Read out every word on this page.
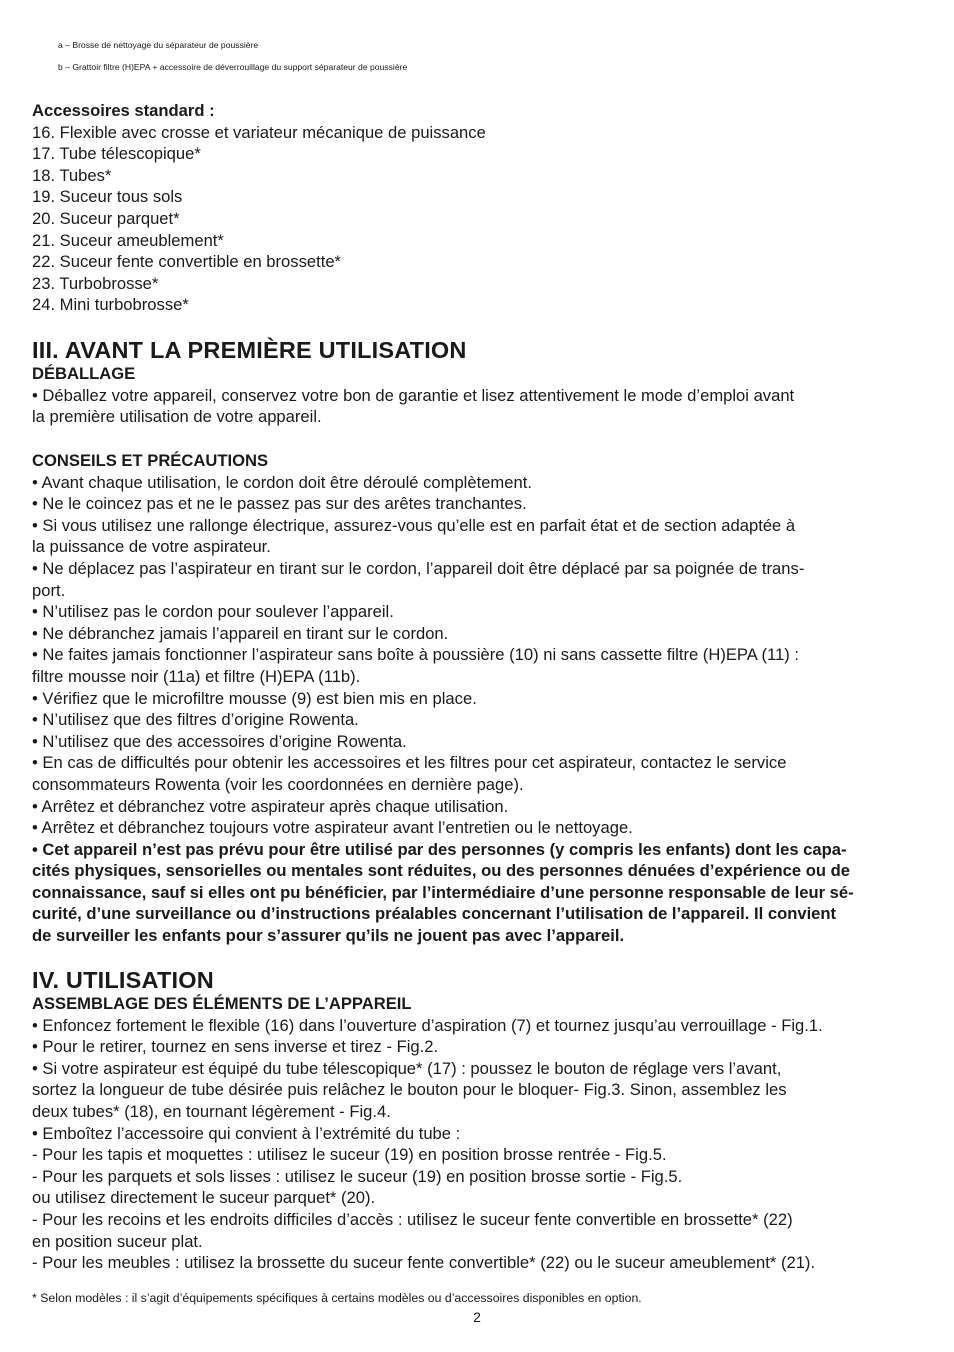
a – Brosse de nettoyage du séparateur de poussière

b – Grattoir filtre (H)EPA + accessoire de déverrouillage du support séparateur de poussière

Accessoires standard :

16. Flexible avec crosse et variateur mécanique de puissance

17. Tube télescopique*

18. Tubes*

19. Suceur tous sols

20. Suceur parquet*

21. Suceur ameublement*

22. Suceur fente convertible en brossette*

23. Turbobrosse*

24. Mini turbobrosse*

III. AVANT LA PREMIÈRE UTILISATION

DÉBALLAGE

• Déballez votre appareil, conservez votre bon de garantie et lisez attentivement le mode d’emploi avant

la première utilisation de votre appareil.

CONSEILS ET PRÉCAUTIONS

• Avant chaque utilisation, le cordon doit être déroulé complètement.

• Ne le coincez pas et ne le passez pas sur des arêtes tranchantes.

• Si vous utilisez une rallonge électrique, assurez-vous qu’elle est en parfait état et de section adaptée à

la puissance de votre aspirateur.

• Ne déplacez pas l’aspirateur en tirant sur le cordon, l’appareil doit être déplacé par sa poignée de trans-

port.

• N’utilisez pas le cordon pour soulever l’appareil.

• Ne débranchez jamais l’appareil en tirant sur le cordon.

• Ne faites jamais fonctionner l’aspirateur sans boîte à poussière (10) ni sans cassette filtre (H)EPA (11) :

filtre mousse noir (11a) et filtre (H)EPA (11b).

• Vérifiez que le microfiltre mousse (9) est bien mis en place.

• N’utilisez que des filtres d’origine Rowenta.

• N’utilisez que des accessoires d’origine Rowenta.

• En cas de difficultés pour obtenir les accessoires et les filtres pour cet aspirateur, contactez le service

consommateurs Rowenta (voir les coordonnées en dernière page).

• Arrêtez et débranchez votre aspirateur après chaque utilisation.

• Arrêtez et débranchez toujours votre aspirateur avant l’entretien ou le nettoyage.

• Cet appareil n’est pas prévu pour être utilisé par des personnes (y compris les enfants) dont les capa-

cités physiques, sensorielles ou mentales sont réduites, ou des personnes dénuées d’expérience ou de

connaissance, sauf si elles ont pu bénéficier, par l’intermédiaire d’une personne responsable de leur sé-

curité, d’une surveillance ou d’instructions préalables concernant l’utilisation de l’appareil. Il convient

de surveiller les enfants pour s’assurer qu’ils ne jouent pas avec l’appareil.

IV. UTILISATION

ASSEMBLAGE DES ÉLÉMENTS DE L’APPAREIL

• Enfoncez fortement le flexible (16) dans l’ouverture d’aspiration (7) et tournez jusqu’au verrouillage - Fig.1.

• Pour le retirer, tournez en sens inverse et tirez - Fig.2.

• Si votre aspirateur est équipé du tube télescopique* (17) : poussez le bouton de réglage vers l’avant,

sortez la longueur de tube désirée puis relâchez le bouton pour le bloquer- Fig.3. Sinon, assemblez les

deux tubes* (18), en tournant légèrement - Fig.4.

• Emboîtez l’accessoire qui convient à l’extrémité du tube :

- Pour les tapis et moquettes : utilisez le suceur (19) en position brosse rentrée - Fig.5.

- Pour les parquets et sols lisses : utilisez le suceur (19) en position brosse sortie - Fig.5.

ou utilisez directement le suceur parquet* (20).

- Pour les recoins et les endroits difficiles d’accès : utilisez le suceur fente convertible en brossette* (22)

en position suceur plat.

- Pour les meubles : utilisez la brossette du suceur fente convertible* (22) ou le suceur ameublement* (21).

* Selon modèles : il s’agit d’équipements spécifiques à certains modèles ou d’accessoires disponibles en option.
2
